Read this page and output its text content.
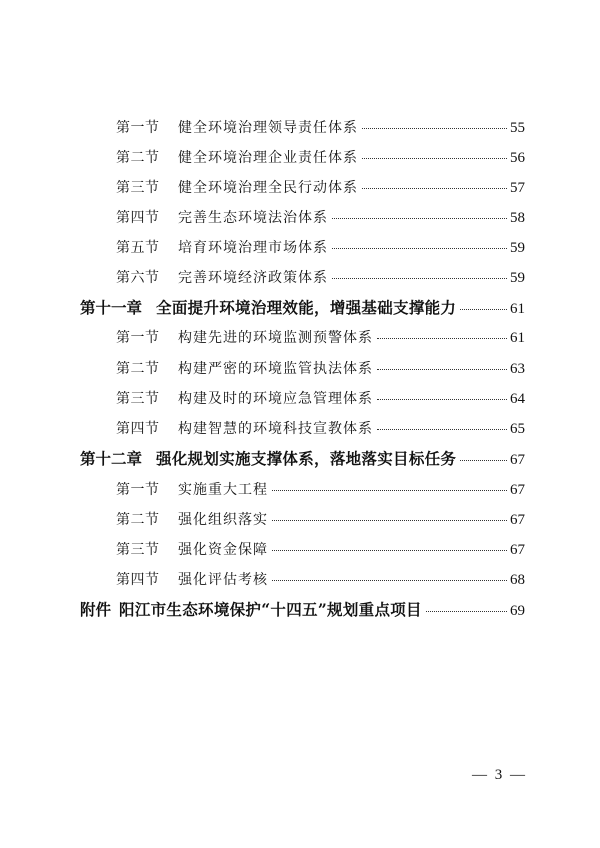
第一节	健全环境治理领导责任体系	55
第二节	健全环境治理企业责任体系	56
第三节	健全环境治理全民行动体系	57
第四节	完善生态环境法治体系	58
第五节	培育环境治理市场体系	59
第六节	完善环境经济政策体系	59
第十一章 全面提升环境治理效能，增强基础支撑能力	61
第一节	构建先进的环境监测预警体系	61
第二节	构建严密的环境监管执法体系	63
第三节	构建及时的环境应急管理体系	64
第四节	构建智慧的环境科技宣教体系	65
第十二章 强化规划实施支撑体系，落地落实目标任务	67
第一节	实施重大工程	67
第二节	强化组织落实	67
第三节	强化资金保障	67
第四节	强化评估考核	68
附件 阳江市生态环境保护“十四五”规划重点项目	69
— 3 —
